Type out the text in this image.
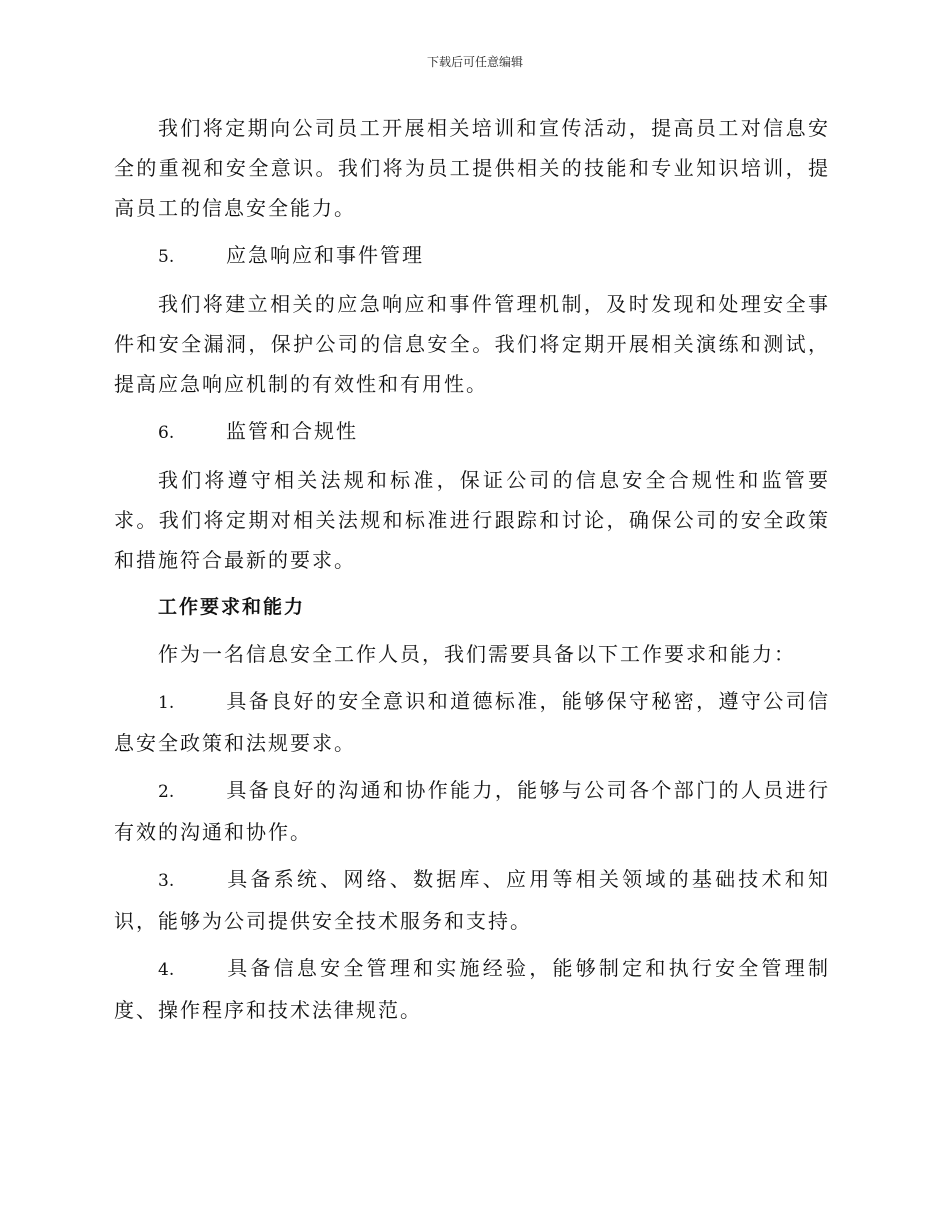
下载后可任意编辑

我们将定期向公司员工开展相关培训和宣传活动，提高员工对信息安全的重视和安全意识。我们将为员工提供相关的技能和专业知识培训，提高员工的信息安全能力。

5.	应急响应和事件管理

我们将建立相关的应急响应和事件管理机制，及时发现和处理安全事件和安全漏洞，保护公司的信息安全。我们将定期开展相关演练和测试，提高应急响应机制的有效性和有用性。

6.	监管和合规性

我们将遵守相关法规和标准，保证公司的信息安全合规性和监管要求。我们将定期对相关法规和标准进行跟踪和讨论，确保公司的安全政策和措施符合最新的要求。

工作要求和能力

作为一名信息安全工作人员，我们需要具备以下工作要求和能力：

1.	具备良好的安全意识和道德标准，能够保守秘密，遵守公司信息安全政策和法规要求。

2.	具备良好的沟通和协作能力，能够与公司各个部门的人员进行有效的沟通和协作。

3.	具备系统、网络、数据库、应用等相关领域的基础技术和知识，能够为公司提供安全技术服务和支持。

4.	具备信息安全管理和实施经验，能够制定和执行安全管理制度、操作程序和技术法律规范。
